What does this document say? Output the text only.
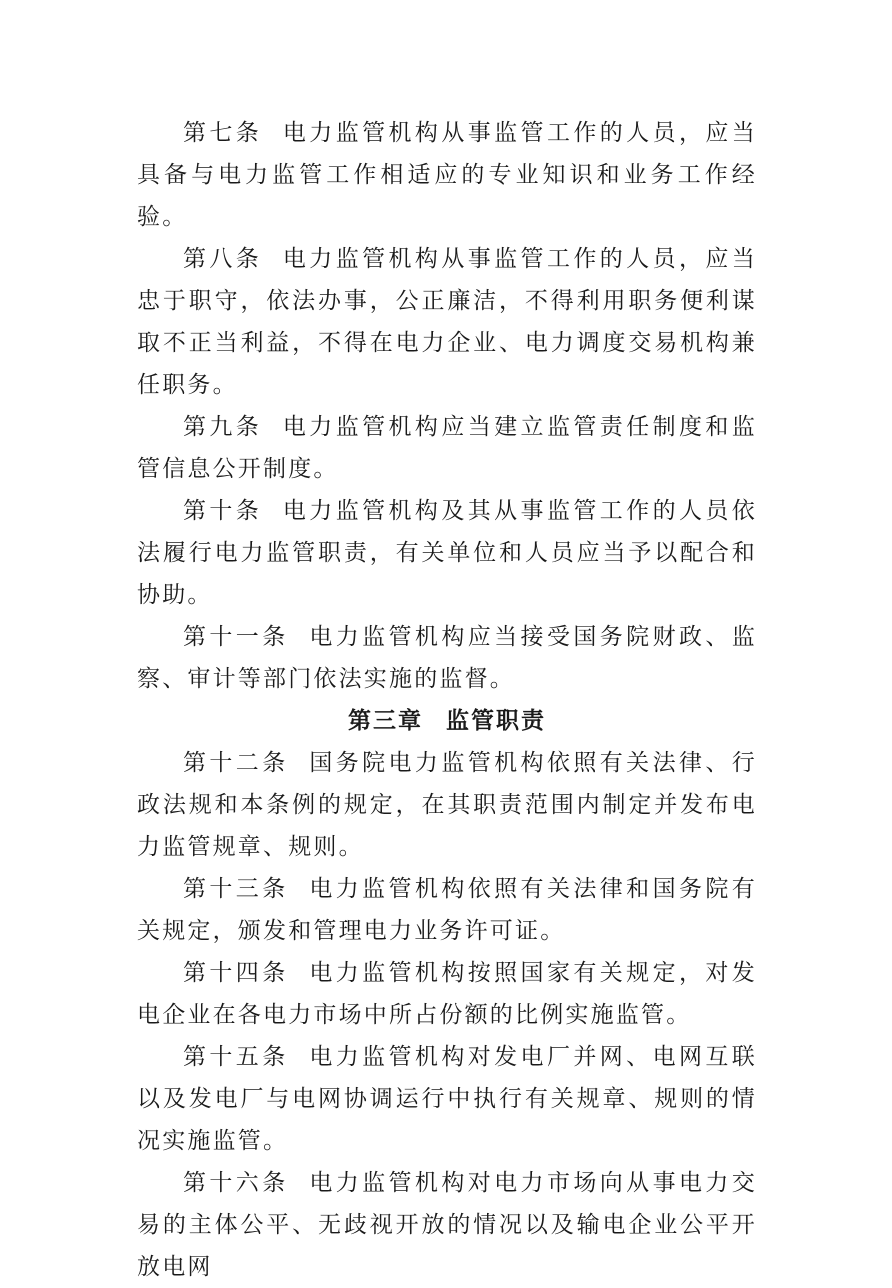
第七条 电力监管机构从事监管工作的人员，应当具备与电力监管工作相适应的专业知识和业务工作经验。

第八条 电力监管机构从事监管工作的人员，应当忠于职守，依法办事，公正廉洁，不得利用职务便利谋取不正当利益，不得在电力企业、电力调度交易机构兼任职务。

第九条 电力监管机构应当建立监管责任制度和监管信息公开制度。

第十条 电力监管机构及其从事监管工作的人员依法履行电力监管职责，有关单位和人员应当予以配合和协助。

第十一条 电力监管机构应当接受国务院财政、监察、审计等部门依法实施的监督。

第三章 监管职责

第十二条 国务院电力监管机构依照有关法律、行政法规和本条例的规定，在其职责范围内制定并发布电力监管规章、规则。

第十三条 电力监管机构依照有关法律和国务院有关规定，颁发和管理电力业务许可证。

第十四条 电力监管机构按照国家有关规定，对发电企业在各电力市场中所占份额的比例实施监管。

第十五条 电力监管机构对发电厂并网、电网互联以及发电厂与电网协调运行中执行有关规章、规则的情况实施监管。

第十六条 电力监管机构对电力市场向从事电力交易的主体公平、无歧视开放的情况以及输电企业公平开放电网
